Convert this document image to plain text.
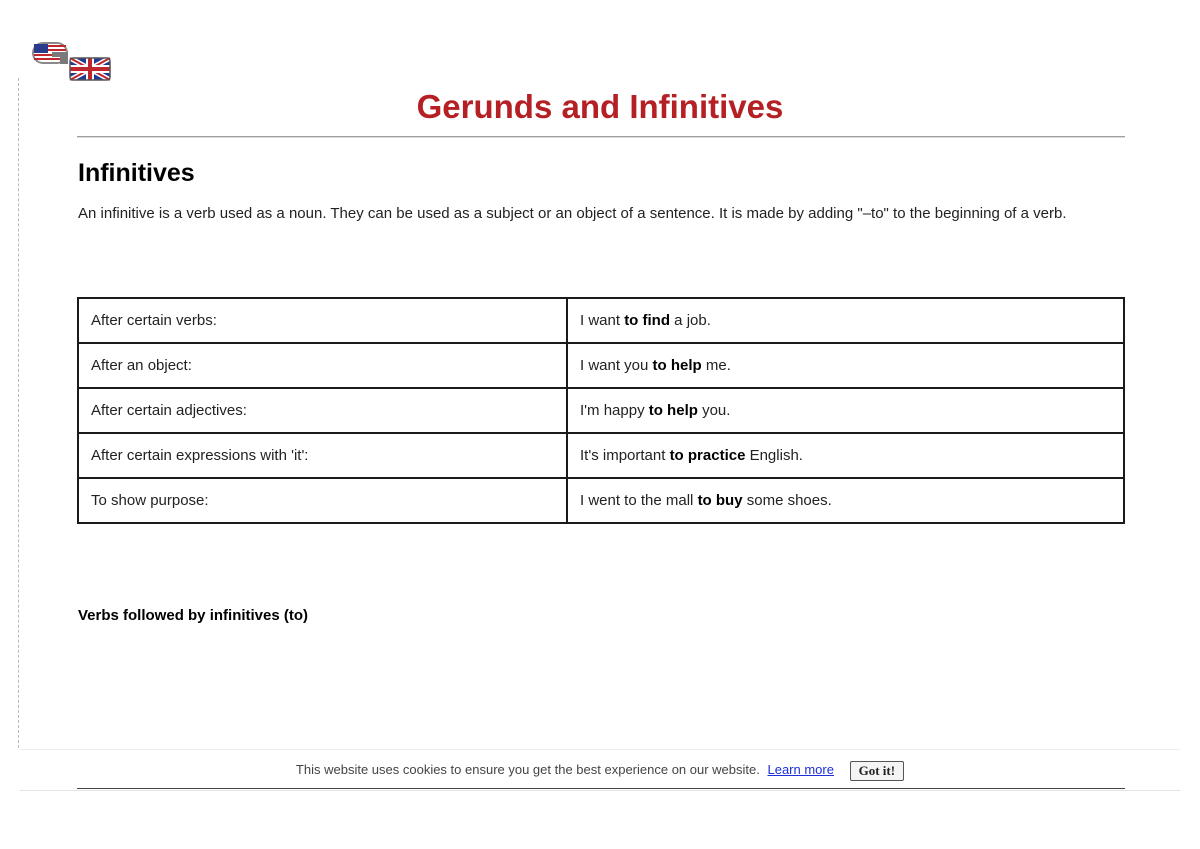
Gerunds and Infinitives
Infinitives
An infinitive is a verb used as a noun. They can be used as a subject or an object of a sentence. It is made by adding "–to" to the beginning of a verb.
After certain verbs:	I want to find a job.
After an object:	I want you to help me.
After certain adjectives:	I'm happy to help you.
After certain expressions with 'it':	It's important to practice English.
To show purpose:	I went to the mall to buy some shoes.
Verbs followed by infinitives (to)
This website uses cookies to ensure you get the best experience on our website. Learn more Got it!
